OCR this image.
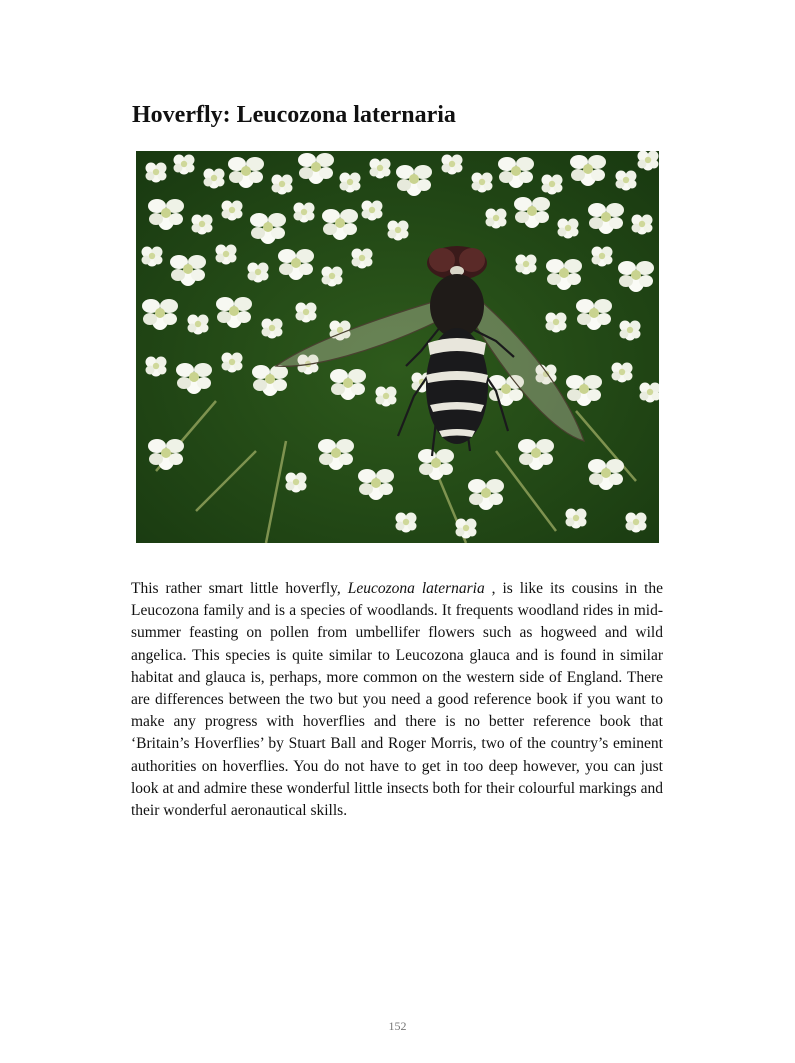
Hoverfly: Leucozona laternaria

This rather smart little hoverfly, Leucozona laternaria , is like its cousins in the Leucozona family and is a species of woodlands. It frequents woodland rides in mid-summer feasting on pollen from umbellifer flowers such as hogweed and wild angelica. This species is quite similar to Leucozona glauca and is found in similar habitat and glauca is, perhaps, more common on the western side of England. There are differences between the two but you need a good reference book if you want to make any progress with hoverflies and there is no better reference book that ‘Britain’s Hoverflies’ by Stuart Ball and Roger Morris, two of the country’s eminent authorities on hoverflies. You do not have to get in too deep however, you can just look at and admire these wonderful little insects both for their colourful markings and their wonderful aeronautical skills.

152
